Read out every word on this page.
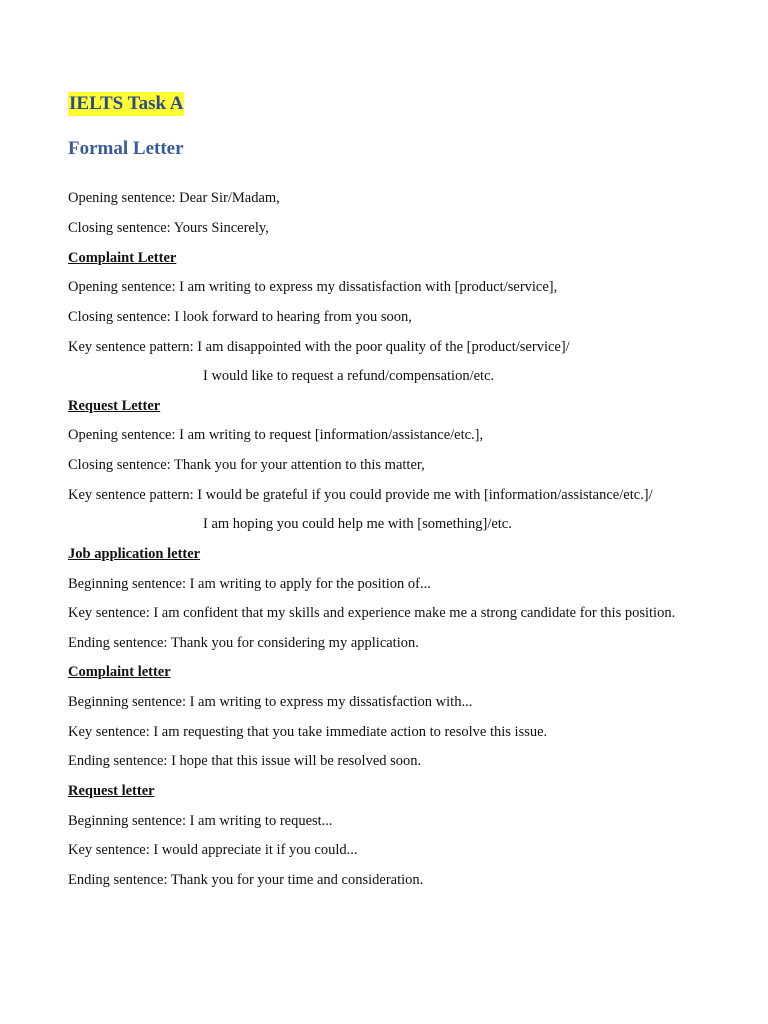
IELTS Task A
Formal Letter
Opening sentence: Dear Sir/Madam,
Closing sentence: Yours Sincerely,
Complaint Letter
Opening sentence: I am writing to express my dissatisfaction with [product/service],
Closing sentence: I look forward to hearing from you soon,
Key sentence pattern: I am disappointed with the poor quality of the [product/service]/
I would like to request a refund/compensation/etc.
Request Letter
Opening sentence: I am writing to request [information/assistance/etc.],
Closing sentence: Thank you for your attention to this matter,
Key sentence pattern: I would be grateful if you could provide me with [information/assistance/etc.]/
I am hoping you could help me with [something]/etc.
Job application letter
Beginning sentence: I am writing to apply for the position of...
Key sentence: I am confident that my skills and experience make me a strong candidate for this position.
Ending sentence: Thank you for considering my application.
Complaint letter
Beginning sentence: I am writing to express my dissatisfaction with...
Key sentence: I am requesting that you take immediate action to resolve this issue.
Ending sentence: I hope that this issue will be resolved soon.
Request letter
Beginning sentence: I am writing to request...
Key sentence: I would appreciate it if you could...
Ending sentence: Thank you for your time and consideration.
